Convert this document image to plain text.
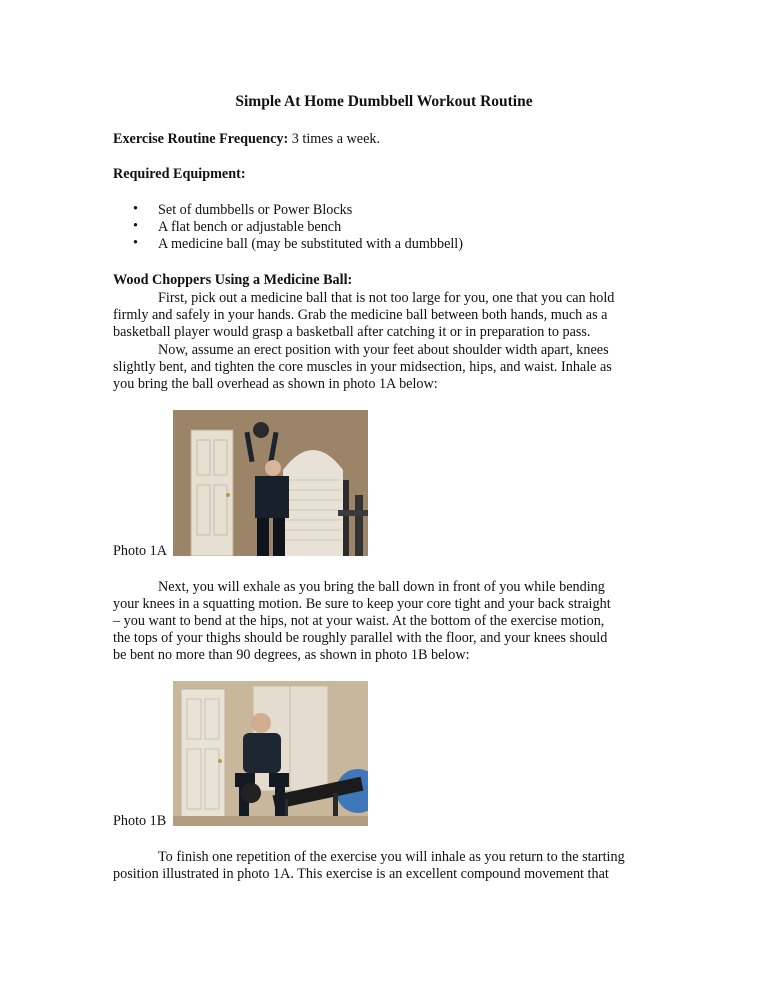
Simple At Home Dumbbell Workout Routine
Exercise Routine Frequency: 3 times a week.
Required Equipment:
• Set of dumbbells or Power Blocks
• A flat bench or adjustable bench
• A medicine ball (may be substituted with a dumbbell)
Wood Choppers Using a Medicine Ball:
First, pick out a medicine ball that is not too large for you, one that you can hold
firmly and safely in your hands. Grab the medicine ball between both hands, much as a
basketball player would grasp a basketball after catching it or in preparation to pass.
Now, assume an erect position with your feet about shoulder width apart, knees
slightly bent, and tighten the core muscles in your midsection, hips, and waist. Inhale as
you bring the ball overhead as shown in photo 1A below:
Photo 1A
Next, you will exhale as you bring the ball down in front of you while bending
your knees in a squatting motion. Be sure to keep your core tight and your back straight
– you want to bend at the hips, not at your waist. At the bottom of the exercise motion,
the tops of your thighs should be roughly parallel with the floor, and your knees should
be bent no more than 90 degrees, as shown in photo 1B below:
Photo 1B
To finish one repetition of the exercise you will inhale as you return to the starting
position illustrated in photo 1A. This exercise is an excellent compound movement that
